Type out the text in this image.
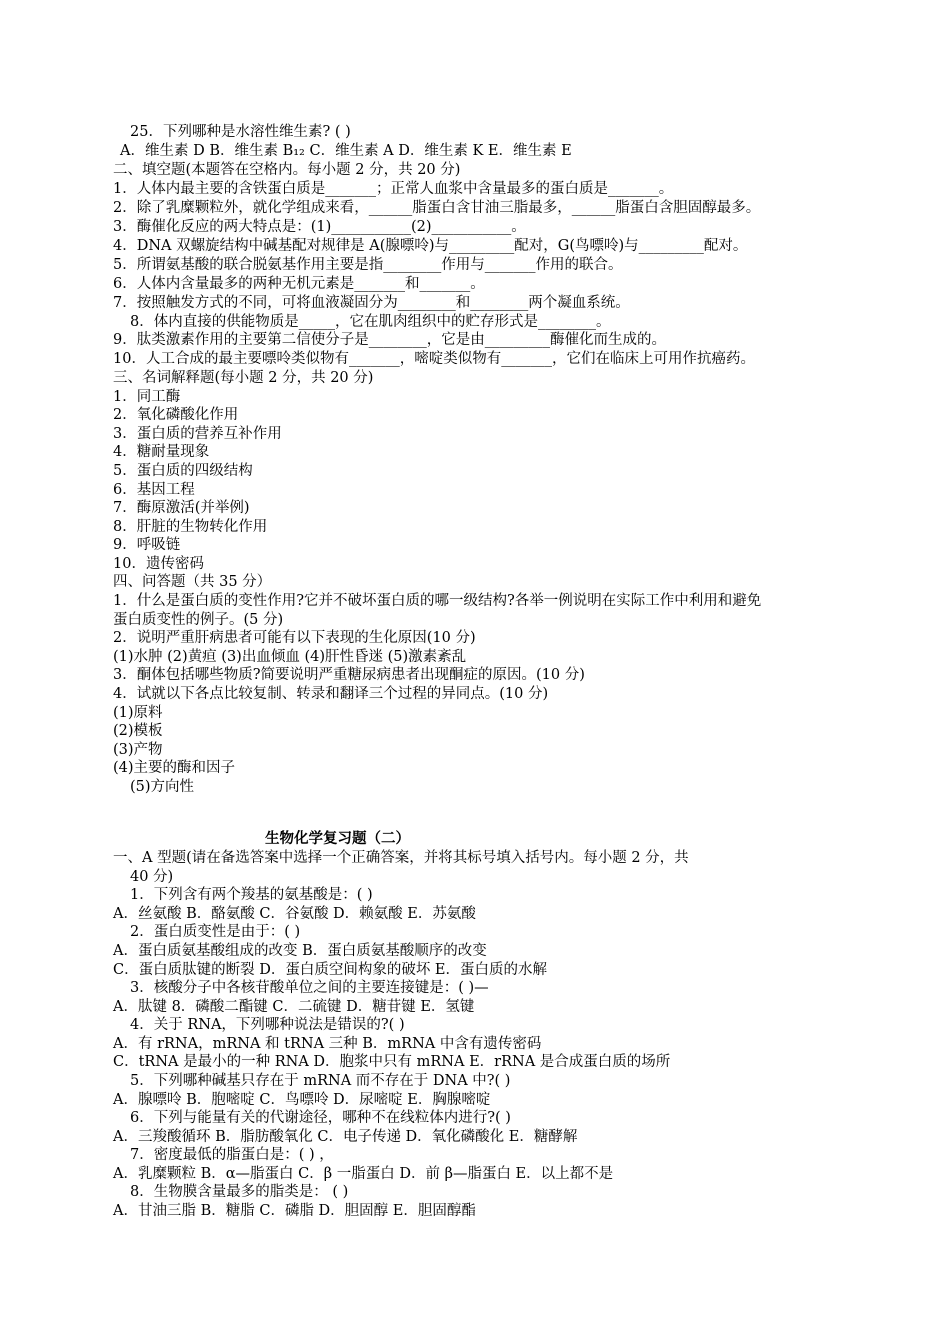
25．下列哪种是水溶性维生素? ( )
A．维生素 D B．维生素 B₁₂ C．维生素 A D．维生素 K E．维生素 E
二、填空题(本题答在空格内。每小题 2 分，共 20 分)
1．人体内最主要的含铁蛋白质是_______；正常人血浆中含量最多的蛋白质是_______。
2．除了乳糜颗粒外，就化学组成来看，______脂蛋白含甘油三脂最多，______脂蛋白含胆固醇最多。
3．酶催化反应的两大特点是：(1)___________(2)___________。
4．DNA 双螺旋结构中碱基配对规律是 A(腺嘌呤)与_________配对，G(鸟嘌呤)与_________配对。
5．所谓氨基酸的联合脱氨基作用主要是指________作用与_______作用的联合。
6．人体内含量最多的两种无机元素是_______和_______。
7．按照触发方式的不同，可将血液凝固分为________和________两个凝血系统。
8．体内直接的供能物质是_____，它在肌肉组织中的贮存形式是________。
9．肽类激素作用的主要第二信使分子是________，它是由_________酶催化而生成的。
10．人工合成的最主要嘌呤类似物有_______，嘧啶类似物有_______，它们在临床上可用作抗癌药。
三、名词解释题(每小题 2 分，共 20 分)
1．同工酶
2．氧化磷酸化作用
3．蛋白质的营养互补作用
4．糖耐量现象
5．蛋白质的四级结构
6．基因工程
7．酶原激活(并举例)
8．肝脏的生物转化作用
9．呼吸链
10．遗传密码
四、问答题（共 35 分）
1．什么是蛋白质的变性作用?它并不破坏蛋白质的哪一级结构?各举一例说明在实际工作中利用和避免
蛋白质变性的例子。(5 分)
2．说明严重肝病患者可能有以下表现的生化原因(10 分)
(1)水肿 (2)黄疸 (3)出血倾血 (4)肝性昏迷 (5)激素紊乱
3．酮体包括哪些物质?简要说明严重糖尿病患者出现酮症的原因。(10 分)
4．试就以下各点比较复制、转录和翻译三个过程的异同点。(10 分)
(1)原料
(2)模板
(3)产物
(4)主要的酶和因子
(5)方向性
生物化学复习题（二）
一、A 型题(请在备选答案中选择一个正确答案，并将其标号填入括号内。每小题 2 分，共
40 分)
1．下列含有两个羧基的氨基酸是：( )
A．丝氨酸 B．酪氨酸 C．谷氨酸 D．赖氨酸 E．苏氨酸
2．蛋白质变性是由于：( )
A．蛋白质氨基酸组成的改变 B．蛋白质氨基酸顺序的改变
C．蛋白质肽键的断裂 D．蛋白质空间构象的破坏 E．蛋白质的水解
3．核酸分子中各核苷酸单位之间的主要连接键是：( )—
A．肽键 8．磷酸二酯键 C．二硫键 D．糖苷键 E．氢键
4．关于 RNA，下列哪种说法是错误的?( )
A．有 rRNA，mRNA 和 tRNA 三种 B．mRNA 中含有遗传密码
C．tRNA 是最小的一种 RNA D．胞浆中只有 mRNA E．rRNA 是合成蛋白质的场所
5．下列哪种碱基只存在于 mRNA 而不存在于 DNA 中?( )
A．腺嘌呤 B．胞嘧啶 C．鸟嘌呤 D．尿嘧啶 E．胸腺嘧啶
6．下列与能量有关的代谢途径，哪种不在线粒体内进行?( )
A．三羧酸循环 B．脂肪酸氧化 C．电子传递 D．氧化磷酸化 E．糖酵解
7．密度最低的脂蛋白是：( ) ，
A．乳糜颗粒 B．α—脂蛋白 C．β 一脂蛋白 D．前 β—脂蛋白 E．以上都不是
8．生物膜含量最多的脂类是： ( )
A．甘油三脂 B．糖脂 C．磷脂 D．胆固醇 E．胆固醇酯
